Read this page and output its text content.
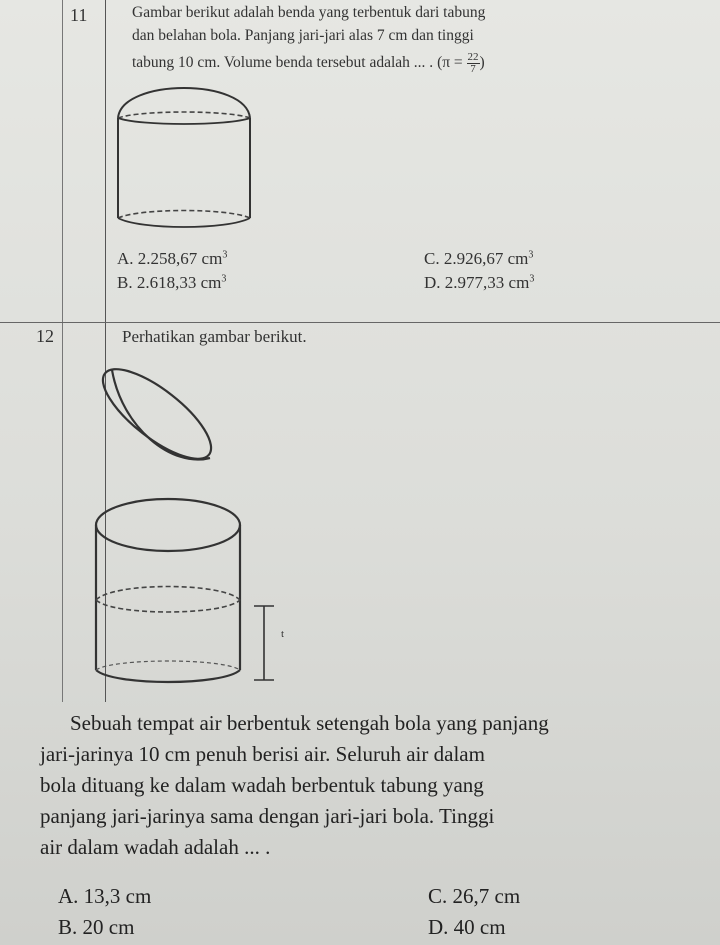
11	Gambar berikut adalah benda yang terbentuk dari tabung
dan belahan bola. Panjang jari-jari alas 7 cm dan tinggi
tabung 10 cm. Volume benda tersebut adalah ... . ($\pi = \frac{22}{7}$ )
A. 2.258,67 $cm^3$
B. 2.618,33 $cm^3$
C. 2.926,67 $cm^3$
D. 2.977,33 $cm^3$
12	Perhatikan gambar berikut.
t
Sebuah tempat air berbentuk setengah bola yang panjang
jari-jarinya 10 cm penuh berisi air. Seluruh air dalam
bola dituang ke dalam wadah berbentuk tabung yang
panjang jari-jarinya sama dengan jari-jari bola. Tinggi
air dalam wadah adalah ... .
A. 13,3 cm
B. 20 cm
C. 26,7 cm
D. 40 cm
